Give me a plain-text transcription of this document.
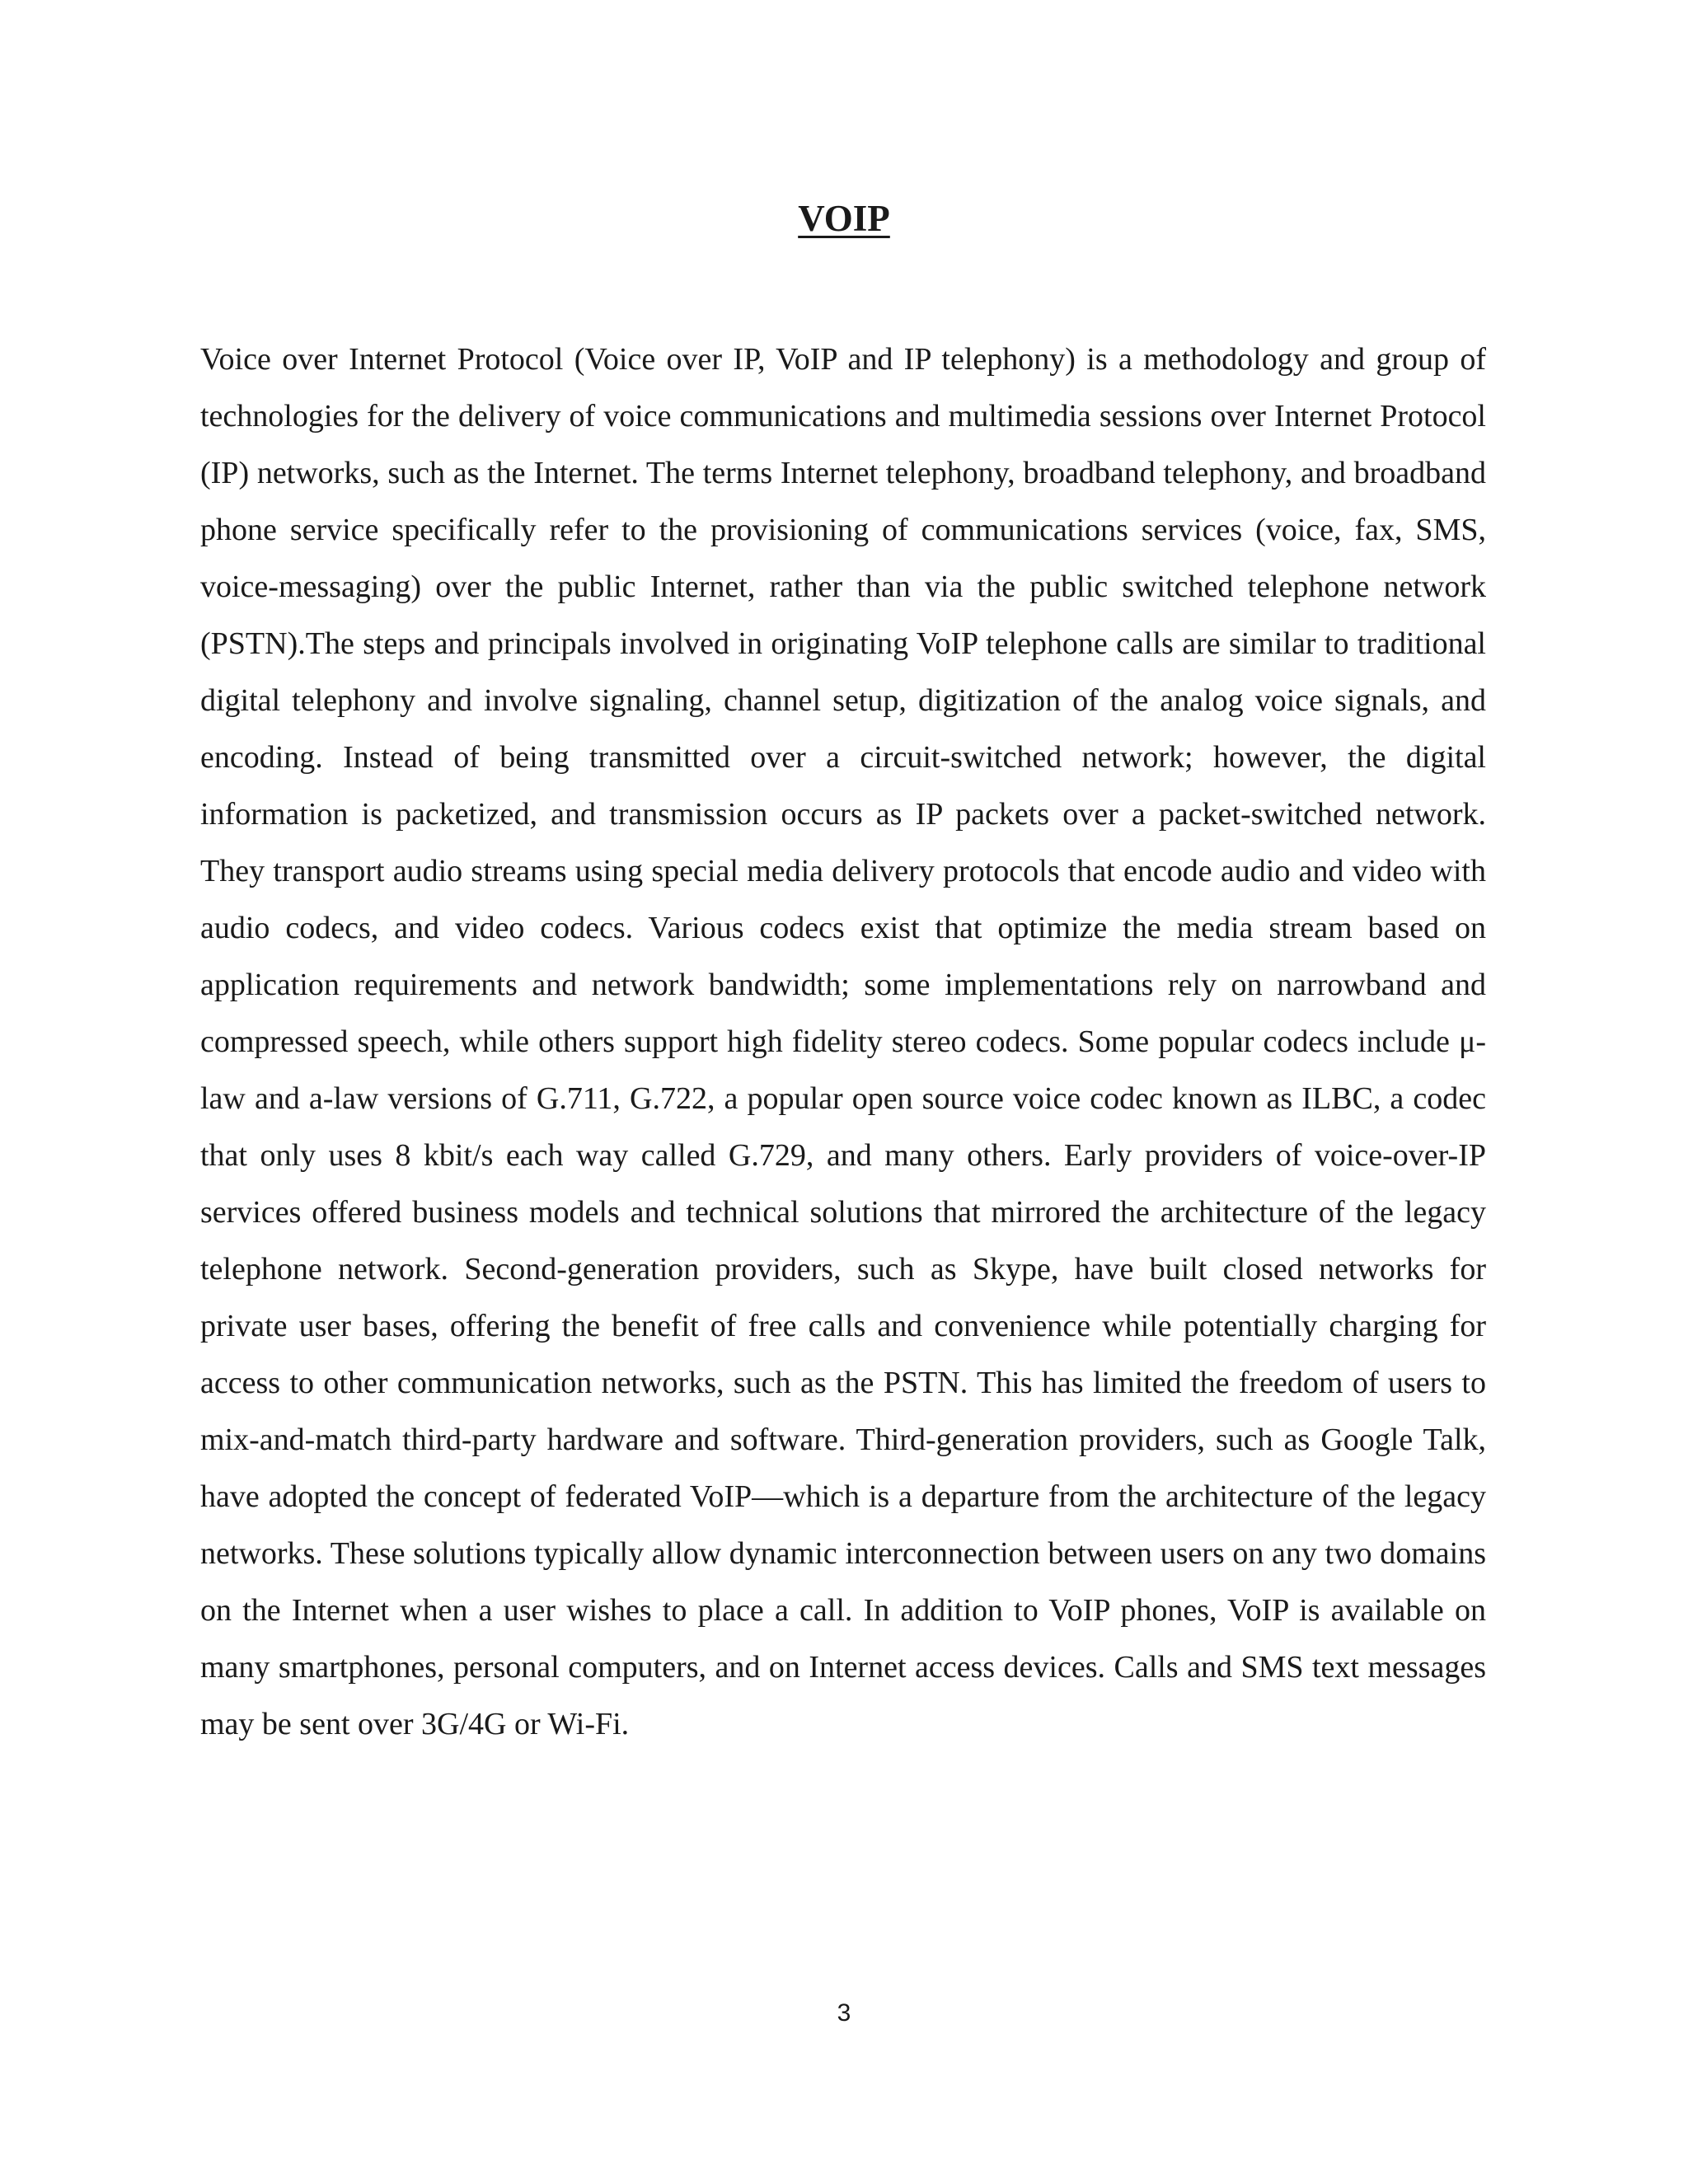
VOIP

Voice over Internet Protocol (Voice over IP, VoIP and IP telephony) is a methodology and group of technologies for the delivery of voice communications and multimedia sessions over Internet Protocol (IP) networks, such as the Internet. The terms Internet telephony, broadband telephony, and broadband phone service specifically refer to the provisioning of communications services (voice, fax, SMS, voice-messaging) over the public Internet, rather than via the public switched telephone network (PSTN).The steps and principals involved in originating VoIP telephone calls are similar to traditional digital telephony and involve signaling, channel setup, digitization of the analog voice signals, and encoding. Instead of being transmitted over a circuit-switched network; however, the digital information is packetized, and transmission occurs as IP packets over a packet-switched network. They transport audio streams using special media delivery protocols that encode audio and video with audio codecs, and video codecs. Various codecs exist that optimize the media stream based on application requirements and network bandwidth; some implementations rely on narrowband and compressed speech, while others support high fidelity stereo codecs. Some popular codecs include μ-law and a-law versions of G.711, G.722, a popular open source voice codec known as ILBC, a codec that only uses 8 kbit/s each way called G.729, and many others. Early providers of voice-over-IP services offered business models and technical solutions that mirrored the architecture of the legacy telephone network. Second-generation providers, such as Skype, have built closed networks for private user bases, offering the benefit of free calls and convenience while potentially charging for access to other communication networks, such as the PSTN. This has limited the freedom of users to mix-and-match third-party hardware and software. Third-generation providers, such as Google Talk, have adopted the concept of federated VoIP—which is a departure from the architecture of the legacy networks. These solutions typically allow dynamic interconnection between users on any two domains on the Internet when a user wishes to place a call. In addition to VoIP phones, VoIP is available on many smartphones, personal computers, and on Internet access devices. Calls and SMS text messages may be sent over 3G/4G or Wi-Fi.

3
